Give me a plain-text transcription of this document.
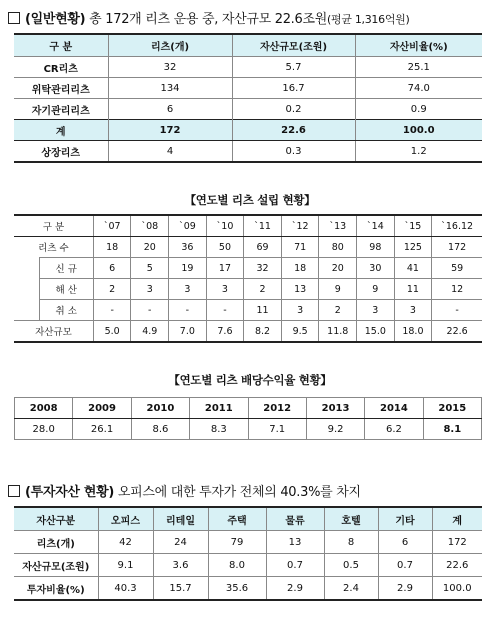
(일반현황) 총 172개 리츠 운용 중, 자산규모 22.6조원(평균 1,316억원)
구 분	리츠(개)	자산규모(조원)	자산비율(%)
CR리츠	32	5.7	25.1
위탁관리리츠	134	16.7	74.0
자기관리리츠	6	0.2	0.9
계	172	22.6	100.0
상장리츠	4	0.3	1.2
【연도별 리츠 설립 현황】
구 분		`07	`08	`09	`10	`11	`12	`13	`14	`15	`16.12
리츠 수		18	20	36	50	69	71	80	98	125	172
	신 규	6	5	19	17	32	18	20	30	41	59
	해 산	2	3	3	3	2	13	9	9	11	12
	취 소	-	-	-	-	11	3	2	3	3	-
자산규모		5.0	4.9	7.0	7.6	8.2	9.5	11.8	15.0	18.0	22.6
【연도별 리츠 배당수익율 현황】
2008	2009	2010	2011	2012	2013	2014	2015
28.0	26.1	8.6	8.3	7.1	9.2	6.2	8.1
(투자자산 현황) 오피스에 대한 투자가 전체의 40.3%를 차지
자산구분	오피스	리테일	주택	물류	호텔	기타	계
리츠(개)	42	24	79	13	8	6	172
자산규모(조원)	9.1	3.6	8.0	0.7	0.5	0.7	22.6
투자비율(%)	40.3	15.7	35.6	2.9	2.4	2.9	100.0
